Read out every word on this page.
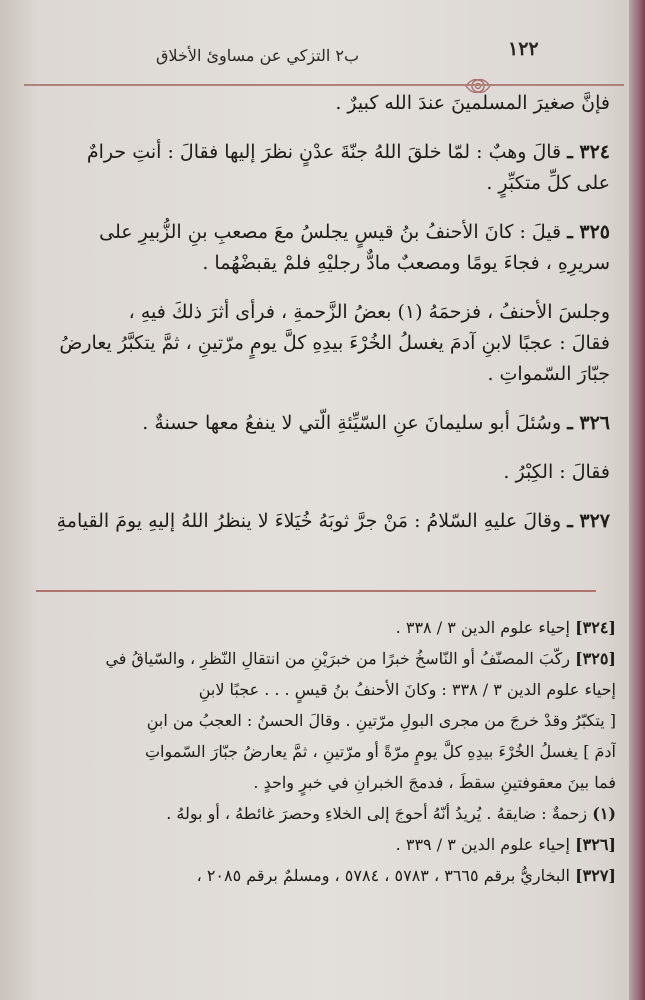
ب٢ التزكي عن مساوئ الأخلاق	١٢٢

فإنَّ صغيرَ المسلمينَ عندَ الله كبيرٌ .

٣٢٤ ـ قالَ وهبٌ : لمّا خلقَ اللهُ جنّةَ عدْنٍ نظرَ إليها فقالَ : أنتِ حرامٌ

على كلِّ متكبِّرٍ .

٣٢٥ ـ قيلَ : كانَ الأحنفُ بنُ قيسٍ يجلسُ معَ مصعبِ بنِ الزُّبيرِ على

سريرِهِ ، فجاءَ يومًا ومصعبٌ مادٌّ رجليْهِ فلمْ يقبضْهُما .

وجلسَ الأحنفُ ، فزحمَهُ (١) بعضُ الزَّحمةِ ، فرأى أثرَ ذلكَ فيهِ ،

فقالَ : عجبًا لابنِ آدمَ يغسلُ الخُرْءَ بيدِهِ كلَّ يومٍ مرّتينِ ، ثمَّ يتكبَّرُ يعارضُ

جبّارَ السّمواتِ .

٣٢٦ ـ وسُئلَ أبو سليمانَ عنِ السّيِّئةِ الّتي لا ينفعُ معها حسنةٌ .

فقالَ : الكِبْرُ .

٣٢٧ ـ وقالَ عليهِ السّلامُ : مَنْ جرَّ ثوبَهُ خُيَلاءَ لا ينظرُ اللهُ إليهِ يومَ القيامةِ

[٣٢٤] إحياء علوم الدين ٣ / ٣٣٨ .

[٣٢٥] ركّبَ المصنّفُ أو النّاسخُ خبرًا من خبرَيْنِ من انتقالِ النّظرِ ، والسّياقُ في

إحياء علوم الدين ٣ / ٣٣٨ : وكانَ الأحنفُ بنُ قيسٍ . . . عجبًا لابنِ

[ يتكبّرُ وقدْ خرجَ من مجرى البولِ مرّتينِ . وقالَ الحسنُ : العجبُ من ابنِ

آدمَ ] يغسلُ الخُرْءَ بيدِهِ كلَّ يومٍ مرّةً أو مرّتينِ ، ثمَّ يعارضُ جبّارَ السّمواتِ

فما بينَ معقوفتينِ سقطَ ، فدمجَ الخبرانِ في خبرٍ واحدٍ .

(١) زحمةٌ : ضايقهُ . يُريدُ أنّهُ أحوجَ إلى الخلاءِ وحصرَ غائطهُ ، أو بولهُ .

[٣٢٦] إحياء علوم الدين ٣ / ٣٣٩ .

[٣٢٧] البخاريُّ برقم ٣٦٦٥ ، ٥٧٨٣ ، ٥٧٨٤ ، ومسلمٌ برقم ٢٠٨٥ ،
